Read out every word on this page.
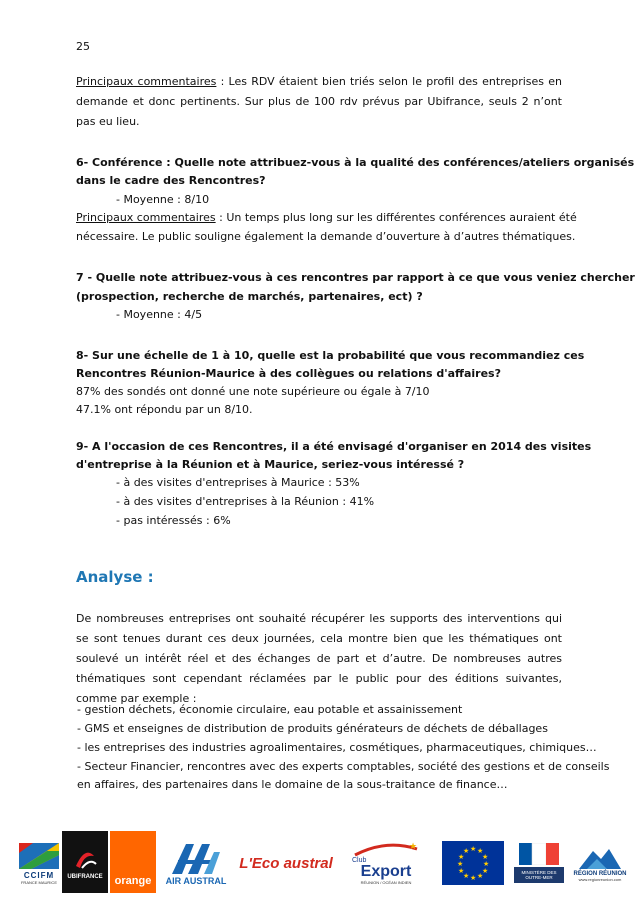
25

Principaux commentaires : Les RDV étaient bien triés selon le profil des entreprises en demande et donc pertinents. Sur plus de 100 rdv prévus par Ubifrance, seuls 2 n’ont pas eu lieu.

6- Conférence : Quelle note attribuez-vous à la qualité des conférences/ateliers organisés
dans le cadre des Rencontres?
- Moyenne : 8/10
Principaux commentaires : Un temps plus long sur les différentes conférences auraient été
nécessaire. Le public souligne également la demande d’ouverture à d’autres thématiques.
7 - Quelle note attribuez-vous à ces rencontres par rapport à ce que vous veniez chercher
(prospection, recherche de marchés, partenaires, ect) ?
- Moyenne : 4/5
8- Sur une échelle de 1 à 10, quelle est la probabilité que vous recommandiez ces
Rencontres Réunion-Maurice à des collègues ou relations d'affaires?
87% des sondés ont donné une note supérieure ou égale à 7/10
47.1% ont répondu par un 8/10.
9- A l'occasion de ces Rencontres, il a été envisagé d'organiser en 2014 des visites
d'entreprise à la Réunion et à Maurice, seriez-vous intéressé ?
- à des visites d'entreprises à Maurice : 53%
- à des visites d'entreprises à la Réunion : 41%
- pas intéressés : 6%
Analyse :

De nombreuses entreprises ont souhaité récupérer les supports des interventions qui se sont tenues durant ces deux journées, cela montre bien que les thématiques ont soulevé un intérêt réel et des échanges de part et d’autre. De nombreuses autres thématiques sont cependant réclamées par le public pour des éditions suivantes, comme par exemple :

- gestion déchets, économie circulaire, eau potable et assainissement
- GMS et enseignes de distribution de produits générateurs de déchets de déballages
- les entreprises des industries agroalimentaires, cosmétiques, pharmaceutiques, chimiques…
- Secteur Financier, rencontres avec des experts comptables, société des gestions et de conseils
en affaires, des partenaires dans le domaine de la sous-traitance de finance…
CCIFM
FRANCE MAURICE
UBIFRANCE orange AIR AUSTRAL
L'Eco austral
★
Club
Export
RÉUNION / OCÉAN INDIEN
★ ★
★
★
★
★
★
★
★
★
★
★
MINISTÈRE DES OUTRE-MER
RÉGION RÉUNION
www.regionreunion.com
